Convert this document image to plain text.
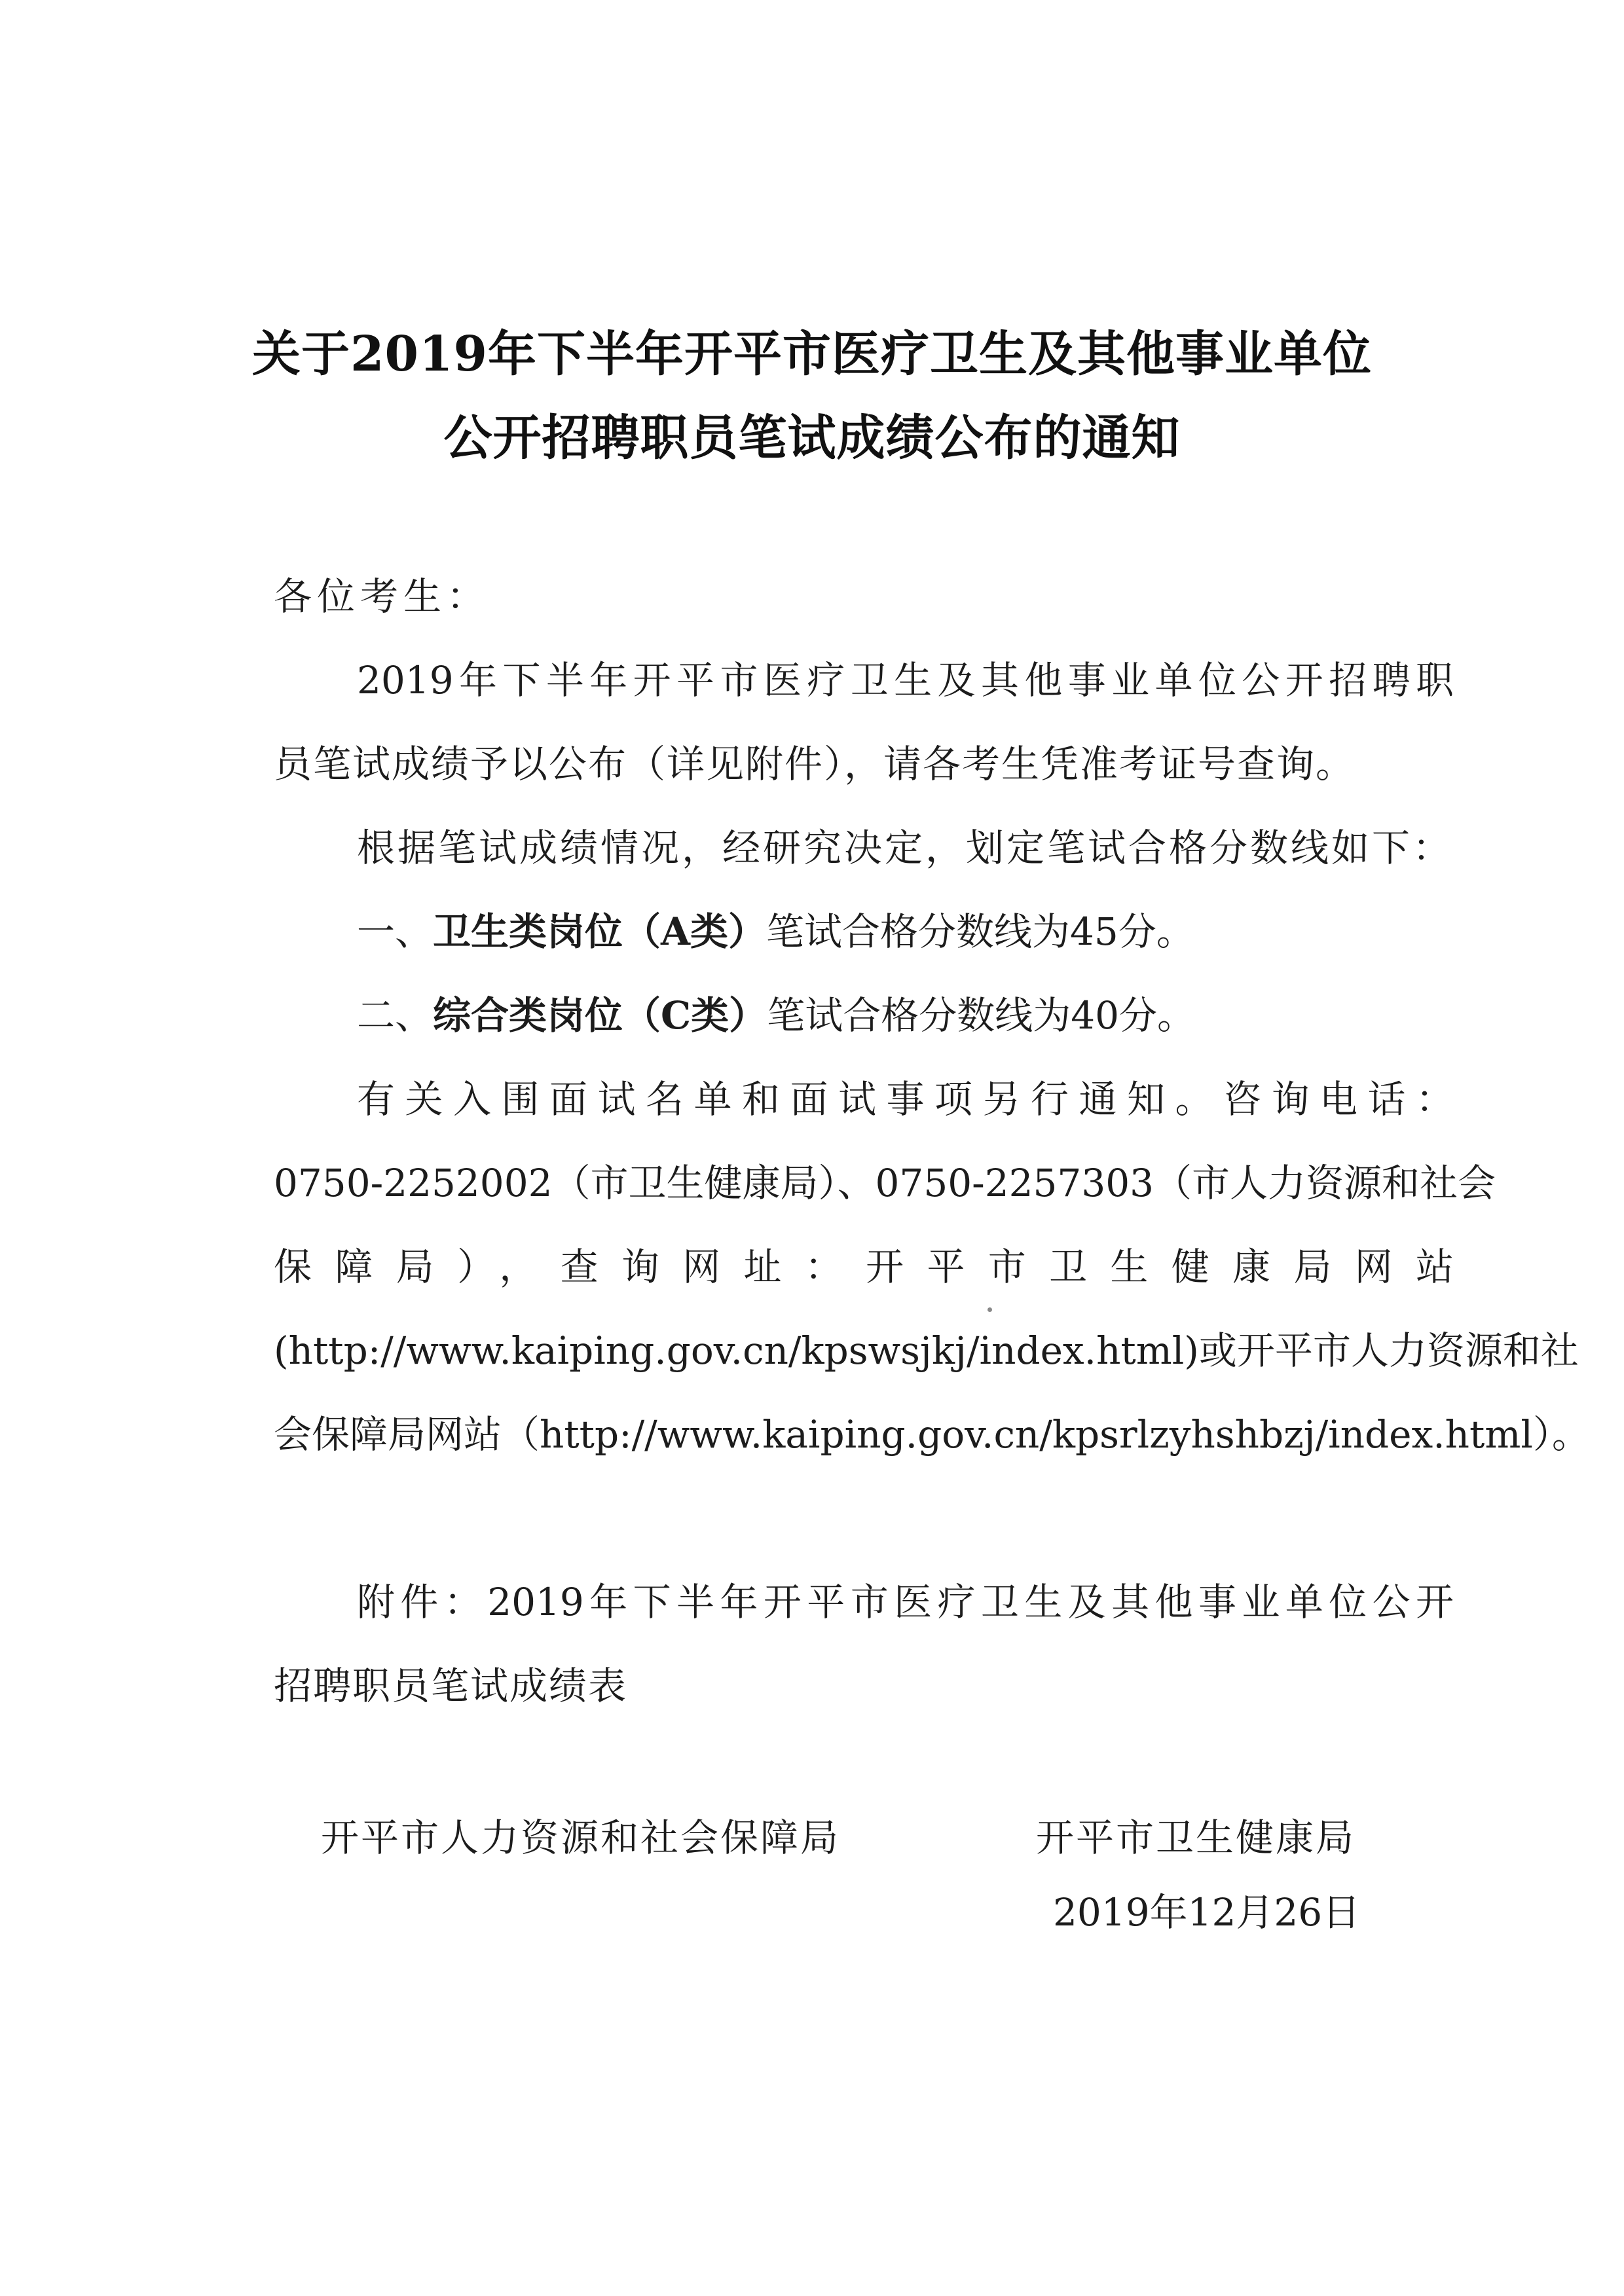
关于2019年下半年开平市医疗卫生及其他事业单位
公开招聘职员笔试成绩公布的通知
各位考生：
2019年下半年开平市医疗卫生及其他事业单位公开招聘职
员笔试成绩予以公布（详见附件），请各考生凭准考证号查询。
根据笔试成绩情况，经研究决定，划定笔试合格分数线如下：
一、卫生类岗位（A类）笔试合格分数线为45分。
二、综合类岗位（C类）笔试合格分数线为40分。
有关入围面试名单和面试事项另行通知。咨询电话：
0750-2252002（市卫生健康局）、0750-2257303（市人力资源和社会
保障局），查询网址：开平市卫生健康局网站
(http://www.kaiping.gov.cn/kpswsjkj/index.html)或开平市人力资源和社
会保障局网站（http://www.kaiping.gov.cn/kpsrlzyhshbzj/index.html）。
附件：2019年下半年开平市医疗卫生及其他事业单位公开
招聘职员笔试成绩表
开平市人力资源和社会保障局	开平市卫生健康局
2019年12月26日
